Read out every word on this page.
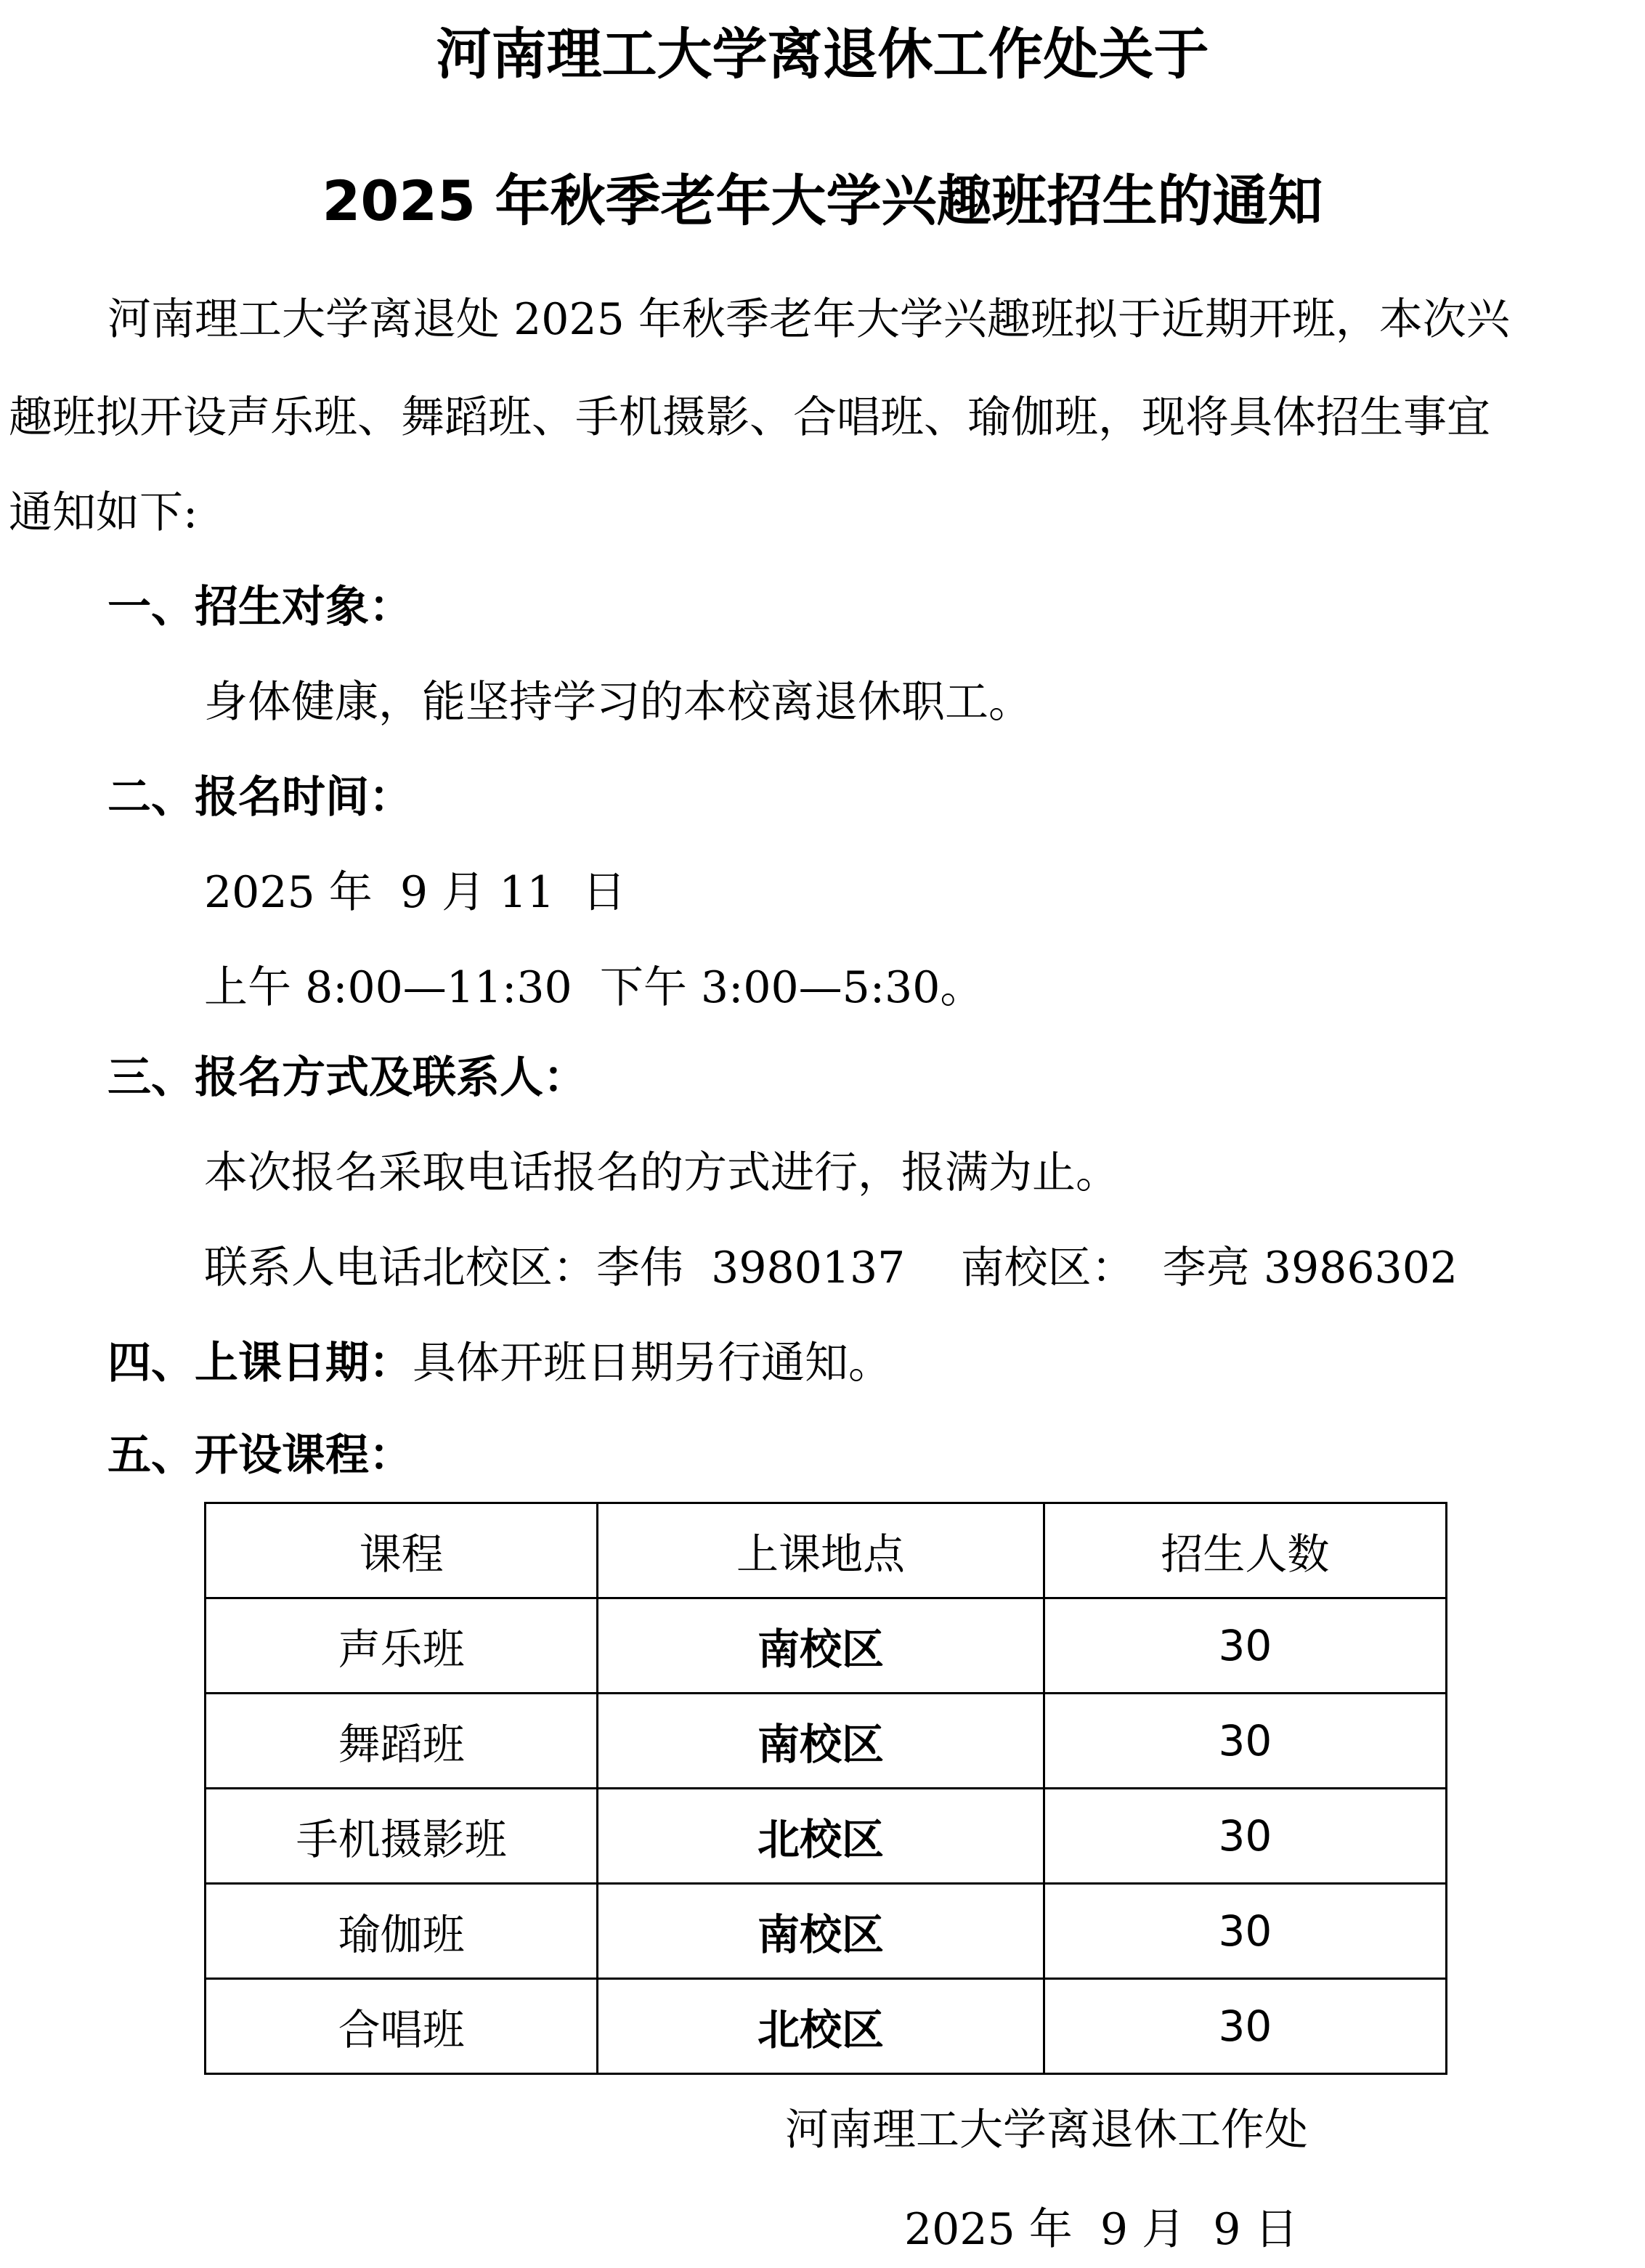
河南理工大学离退休工作处关于
2025 年秋季老年大学兴趣班招生的通知
河南理工大学离退处 2025 年秋季老年大学兴趣班拟于近期开班，本次兴
趣班拟开设声乐班、舞蹈班、手机摄影、合唱班、瑜伽班，现将具体招生事宜
通知如下:
一、招生对象：
身体健康，能坚持学习的本校离退休职工。
二、报名时间：
2025 年  9 月 11  日
上午 8:00—11:30  下午 3:00—5:30。
三、报名方式及联系人：
本次报名采取电话报名的方式进行，报满为止。
联系人电话北校区：李伟  3980137    南校区：  李亮 3986302
四、上课日期：具体开班日期另行通知。
五、开设课程：
课程	上课地点	招生人数
声乐班	南校区	30
舞蹈班	南校区	30
手机摄影班	北校区	30
瑜伽班	南校区	30
合唱班	北校区	30
河南理工大学离退休工作处
2025 年  9 月  9 日
